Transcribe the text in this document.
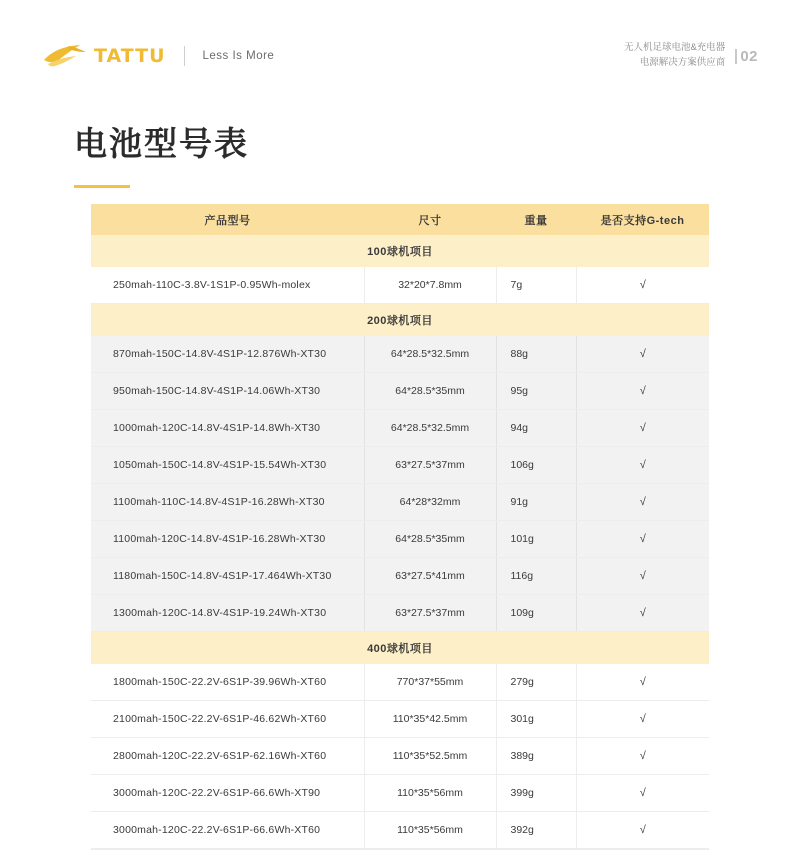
TATTU	Less Is More
无人机足球电池&充电器
电源解决方案供应商 02
电池型号表
产品型号	尺寸	重量	是否支持G-tech
100球机项目			
250mah-110C-3.8V-1S1P-0.95Wh-molex	32*20*7.8mm	7g	√
200球机项目			
870mah-150C-14.8V-4S1P-12.876Wh-XT30	64*28.5*32.5mm	88g	√
950mah-150C-14.8V-4S1P-14.06Wh-XT30	64*28.5*35mm	95g	√
1000mah-120C-14.8V-4S1P-14.8Wh-XT30	64*28.5*32.5mm	94g	√
1050mah-150C-14.8V-4S1P-15.54Wh-XT30	63*27.5*37mm	106g	√
1100mah-110C-14.8V-4S1P-16.28Wh-XT30	64*28*32mm	91g	√
1100mah-120C-14.8V-4S1P-16.28Wh-XT30	64*28.5*35mm	101g	√
1180mah-150C-14.8V-4S1P-17.464Wh-XT30	63*27.5*41mm	116g	√
1300mah-120C-14.8V-4S1P-19.24Wh-XT30	63*27.5*37mm	109g	√
400球机项目			
1800mah-150C-22.2V-6S1P-39.96Wh-XT60	770*37*55mm	279g	√
2100mah-150C-22.2V-6S1P-46.62Wh-XT60	110*35*42.5mm	301g	√
2800mah-120C-22.2V-6S1P-62.16Wh-XT60	110*35*52.5mm	389g	√
3000mah-120C-22.2V-6S1P-66.6Wh-XT90	110*35*56mm	399g	√
3000mah-120C-22.2V-6S1P-66.6Wh-XT60	110*35*56mm	392g	√
